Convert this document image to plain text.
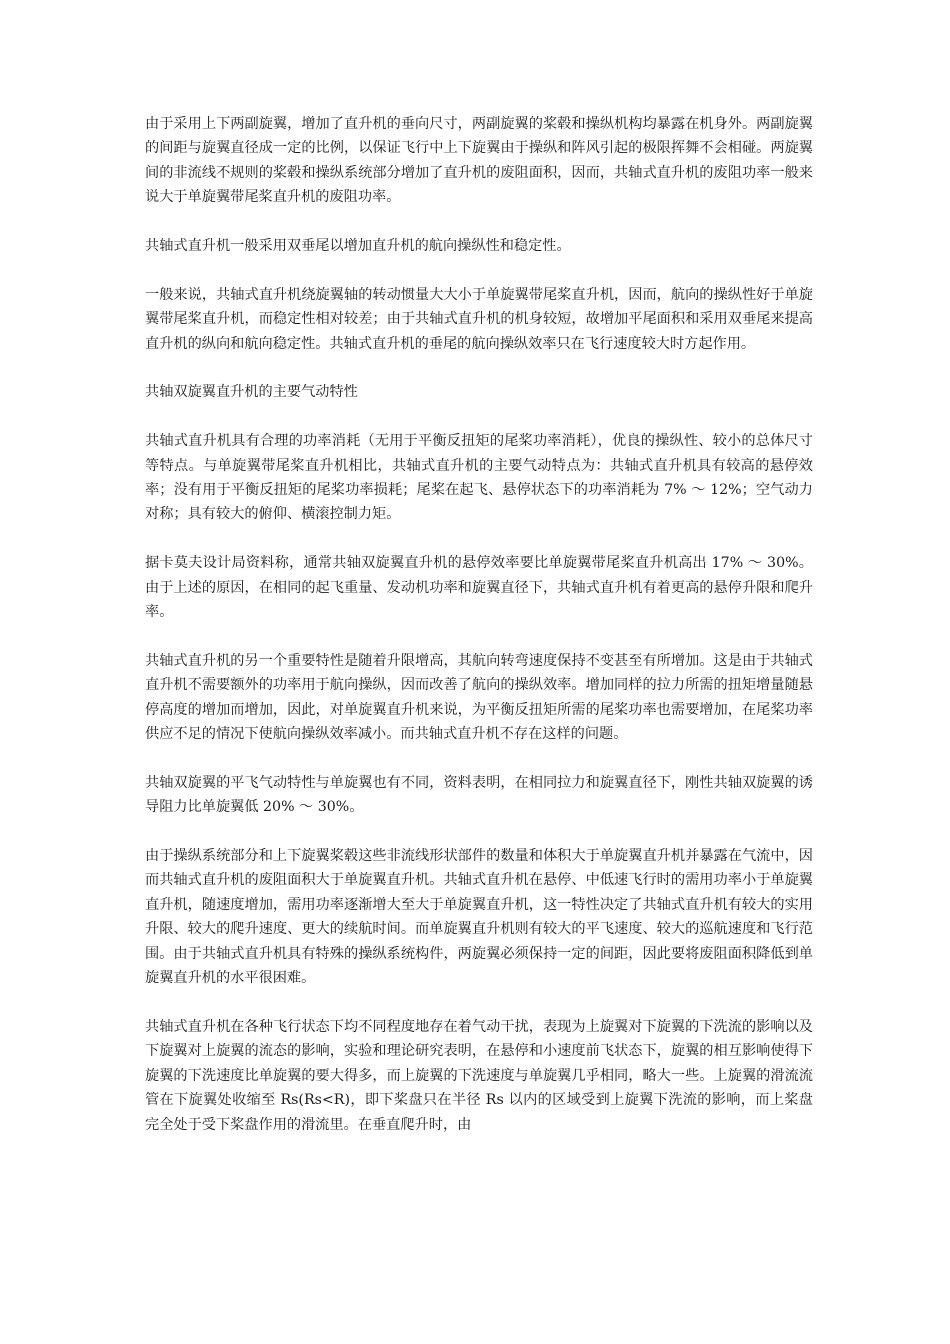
由于采用上下两副旋翼，增加了直升机的垂向尺寸，两副旋翼的桨毂和操纵机构均暴露在机身外。两副旋翼的间距与旋翼直径成一定的比例，以保证飞行中上下旋翼由于操纵和阵风引起的极限挥舞不会相碰。两旋翼间的非流线不规则的桨毂和操纵系统部分增加了直升机的废阻面积，因而，共轴式直升机的废阻功率一般来说大于单旋翼带尾桨直升机的废阻功率。

共轴式直升机一般采用双垂尾以增加直升机的航向操纵性和稳定性。

一般来说，共轴式直升机绕旋翼轴的转动惯量大大小于单旋翼带尾桨直升机，因而，航向的操纵性好于单旋翼带尾桨直升机，而稳定性相对较差；由于共轴式直升机的机身较短，故增加平尾面积和采用双垂尾来提高直升机的纵向和航向稳定性。共轴式直升机的垂尾的航向操纵效率只在飞行速度较大时方起作用。

共轴双旋翼直升机的主要气动特性

共轴式直升机具有合理的功率消耗（无用于平衡反扭矩的尾桨功率消耗），优良的操纵性、较小的总体尺寸等特点。与单旋翼带尾桨直升机相比，共轴式直升机的主要气动特点为：共轴式直升机具有较高的悬停效率；没有用于平衡反扭矩的尾桨功率损耗；尾桨在起飞、悬停状态下的功率消耗为 7% ～ 12%；空气动力对称；具有较大的俯仰、横滚控制力矩。

据卡莫夫设计局资料称，通常共轴双旋翼直升机的悬停效率要比单旋翼带尾桨直升机高出 17% ～ 30%。由于上述的原因，在相同的起飞重量、发动机功率和旋翼直径下，共轴式直升机有着更高的悬停升限和爬升率。

共轴式直升机的另一个重要特性是随着升限增高，其航向转弯速度保持不变甚至有所增加。这是由于共轴式直升机不需要额外的功率用于航向操纵，因而改善了航向的操纵效率。增加同样的拉力所需的扭矩增量随悬停高度的增加而增加，因此，对单旋翼直升机来说，为平衡反扭矩所需的尾桨功率也需要增加，在尾桨功率供应不足的情况下使航向操纵效率减小。而共轴式直升机不存在这样的问题。

共轴双旋翼的平飞气动特性与单旋翼也有不同，资料表明，在相同拉力和旋翼直径下，刚性共轴双旋翼的诱导阻力比单旋翼低 20% ～ 30%。

由于操纵系统部分和上下旋翼桨毂这些非流线形状部件的数量和体积大于单旋翼直升机并暴露在气流中，因而共轴式直升机的废阻面积大于单旋翼直升机。共轴式直升机在悬停、中低速飞行时的需用功率小于单旋翼直升机，随速度增加，需用功率逐渐增大至大于单旋翼直升机，这一特性决定了共轴式直升机有较大的实用升限、较大的爬升速度、更大的续航时间。而单旋翼直升机则有较大的平飞速度、较大的巡航速度和飞行范围。由于共轴式直升机具有特殊的操纵系统构件，两旋翼必须保持一定的间距，因此要将废阻面积降低到单旋翼直升机的水平很困难。

共轴式直升机在各种飞行状态下均不同程度地存在着气动干扰，表现为上旋翼对下旋翼的下洗流的影响以及下旋翼对上旋翼的流态的影响，实验和理论研究表明，在悬停和小速度前飞状态下，旋翼的相互影响使得下旋翼的下洗速度比单旋翼的要大得多，而上旋翼的下洗速度与单旋翼几乎相同，略大一些。上旋翼的滑流流管在下旋翼处收缩至 Rs(Rs<R)，即下桨盘只在半径 Rs 以内的区域受到上旋翼下洗流的影响，而上桨盘完全处于受下桨盘作用的滑流里。在垂直爬升时，由
